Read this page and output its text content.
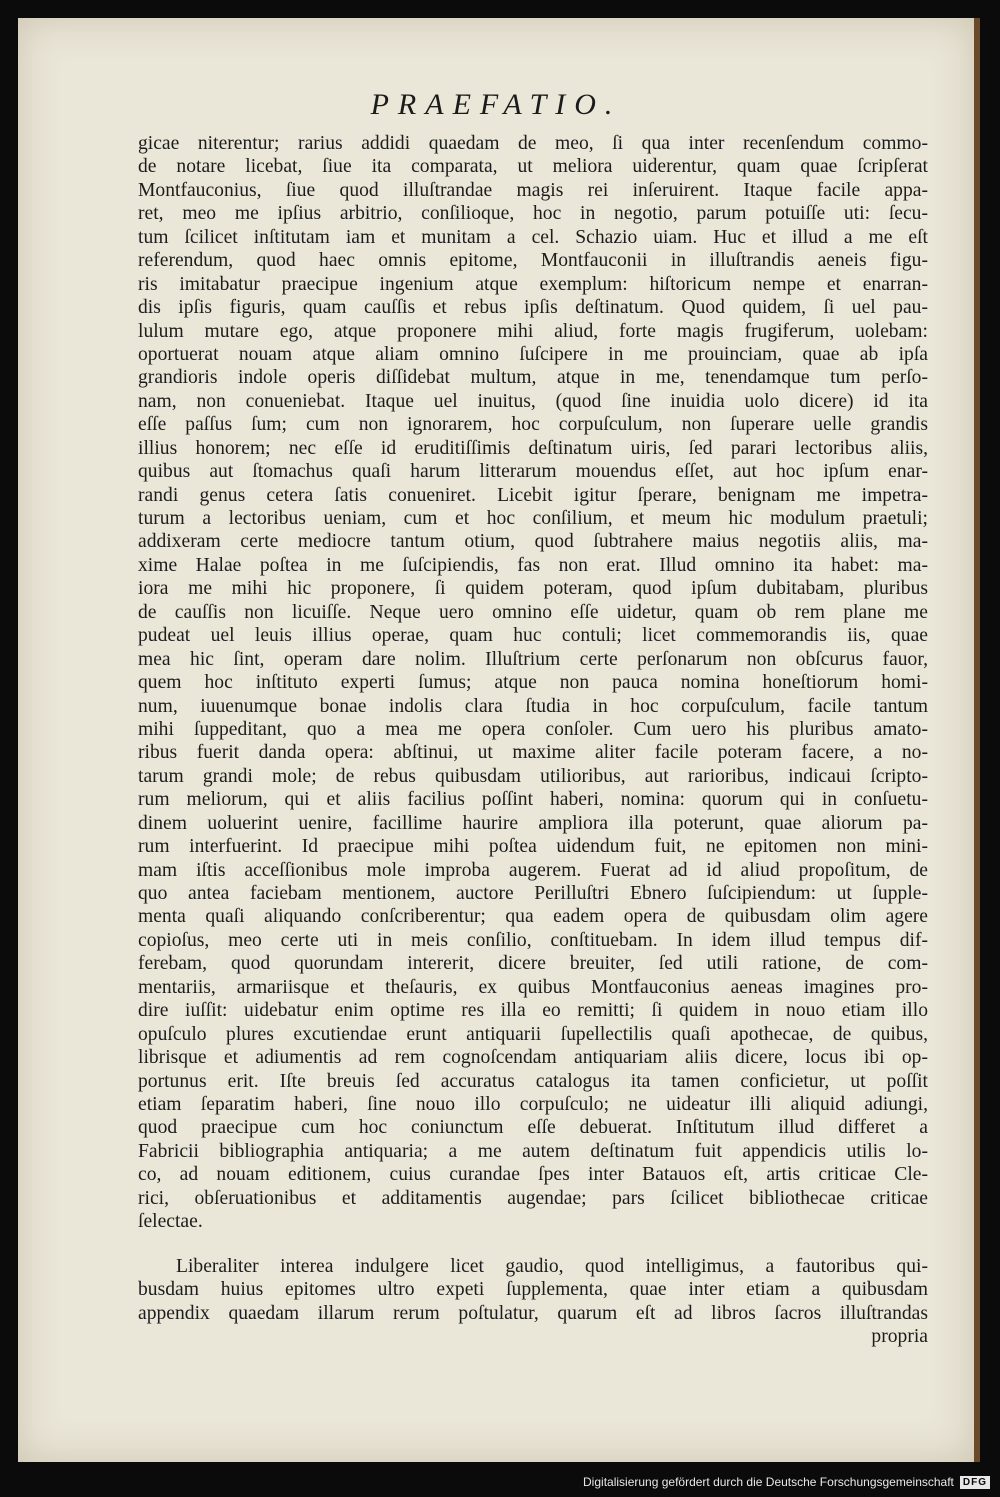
PRAEFATIO.
gicae niterentur; rarius addidi quaedam de meo, ſi qua inter recenſendum commo-
de notare licebat, ſiue ita comparata, ut meliora uiderentur, quam quae ſcripſerat
Montfauconius, ſiue quod illuſtrandae magis rei inſeruirent. Itaque facile appa-
ret, meo me ipſius arbitrio, conſilioque, hoc in negotio, parum potuiſſe uti: ſecu-
tum ſcilicet inſtitutam iam et munitam a cel. Schazio uiam. Huc et illud a me eſt
referendum, quod haec omnis epitome, Montfauconii in illuſtrandis aeneis figu-
ris imitabatur praecipue ingenium atque exemplum: hiſtoricum nempe et enarran-
dis ipſis figuris, quam cauſſis et rebus ipſis deſtinatum. Quod quidem, ſi uel pau-
lulum mutare ego, atque proponere mihi aliud, forte magis frugiferum, uolebam:
oportuerat nouam atque aliam omnino ſuſcipere in me prouinciam, quae ab ipſa
grandioris indole operis diſſidebat multum, atque in me, tenendamque tum perſo-
nam, non conueniebat. Itaque uel inuitus, (quod ſine inuidia uolo dicere) id ita
eſſe paſſus ſum; cum non ignorarem, hoc corpuſculum, non ſuperare uelle grandis
illius honorem; nec eſſe id eruditiſſimis deſtinatum uiris, ſed parari lectoribus aliis,
quibus aut ſtomachus quaſi harum litterarum mouendus eſſet, aut hoc ipſum enar-
randi genus cetera ſatis conueniret. Licebit igitur ſperare, benignam me impetra-
turum a lectoribus ueniam, cum et hoc conſilium, et meum hic modulum praetuli;
addixeram certe mediocre tantum otium, quod ſubtrahere maius negotiis aliis, ma-
xime Halae poſtea in me ſuſcipiendis, fas non erat. Illud omnino ita habet: ma-
iora me mihi hic proponere, ſi quidem poteram, quod ipſum dubitabam, pluribus
de cauſſis non licuiſſe. Neque uero omnino eſſe uidetur, quam ob rem plane me
pudeat uel leuis illius operae, quam huc contuli; licet commemorandis iis, quae
mea hic ſint, operam dare nolim. Illuſtrium certe perſonarum non obſcurus fauor,
quem hoc inſtituto experti ſumus; atque non pauca nomina honeſtiorum homi-
num, iuuenumque bonae indolis clara ſtudia in hoc corpuſculum, facile tantum
mihi ſuppeditant, quo a mea me opera conſoler. Cum uero his pluribus amato-
ribus fuerit danda opera: abſtinui, ut maxime aliter facile poteram facere, a no-
tarum grandi mole; de rebus quibusdam utilioribus, aut rarioribus, indicaui ſcripto-
rum meliorum, qui et aliis facilius poſſint haberi, nomina: quorum qui in conſuetu-
dinem uoluerint uenire, facillime haurire ampliora illa poterunt, quae aliorum pa-
rum interfuerint. Id praecipue mihi poſtea uidendum fuit, ne epitomen non mini-
mam iſtis acceſſionibus mole improba augerem. Fuerat ad id aliud propoſitum, de
quo antea faciebam mentionem, auctore Perilluſtri Ebnero ſuſcipiendum: ut ſupple-
menta quaſi aliquando conſcriberentur; qua eadem opera de quibusdam olim agere
copioſus, meo certe uti in meis conſilio, conſtituebam. In idem illud tempus dif-
ferebam, quod quorundam intererit, dicere breuiter, ſed utili ratione, de com-
mentariis, armariisque et theſauris, ex quibus Montfauconius aeneas imagines pro-
dire iuſſit: uidebatur enim optime res illa eo remitti; ſi quidem in nouo etiam illo
opuſculo plures excutiendae erunt antiquarii ſupellectilis quaſi apothecae, de quibus,
librisque et adiumentis ad rem cognoſcendam antiquariam aliis dicere, locus ibi op-
portunus erit. Iſte breuis ſed accuratus catalogus ita tamen conficietur, ut poſſit
etiam ſeparatim haberi, ſine nouo illo corpuſculo; ne uideatur illi aliquid adiungi,
quod praecipue cum hoc coniunctum eſſe debuerat. Inſtitutum illud differet a
Fabricii bibliographia antiquaria; a me autem deſtinatum fuit appendicis utilis lo-
co, ad nouam editionem, cuius curandae ſpes inter Batauos eſt, artis criticae Cle-
rici, obſeruationibus et additamentis augendae; pars ſcilicet bibliothecae criticae
ſelectae.
Liberaliter interea indulgere licet gaudio, quod intelligimus, a fautoribus qui-
busdam huius epitomes ultro expeti ſupplementa, quae inter etiam a quibusdam
appendix quaedam illarum rerum poſtulatur, quarum eſt ad libros ſacros illuſtrandas
propria
Digitalisierung gefördert durch die Deutsche Forschungsgemeinschaft DFG
